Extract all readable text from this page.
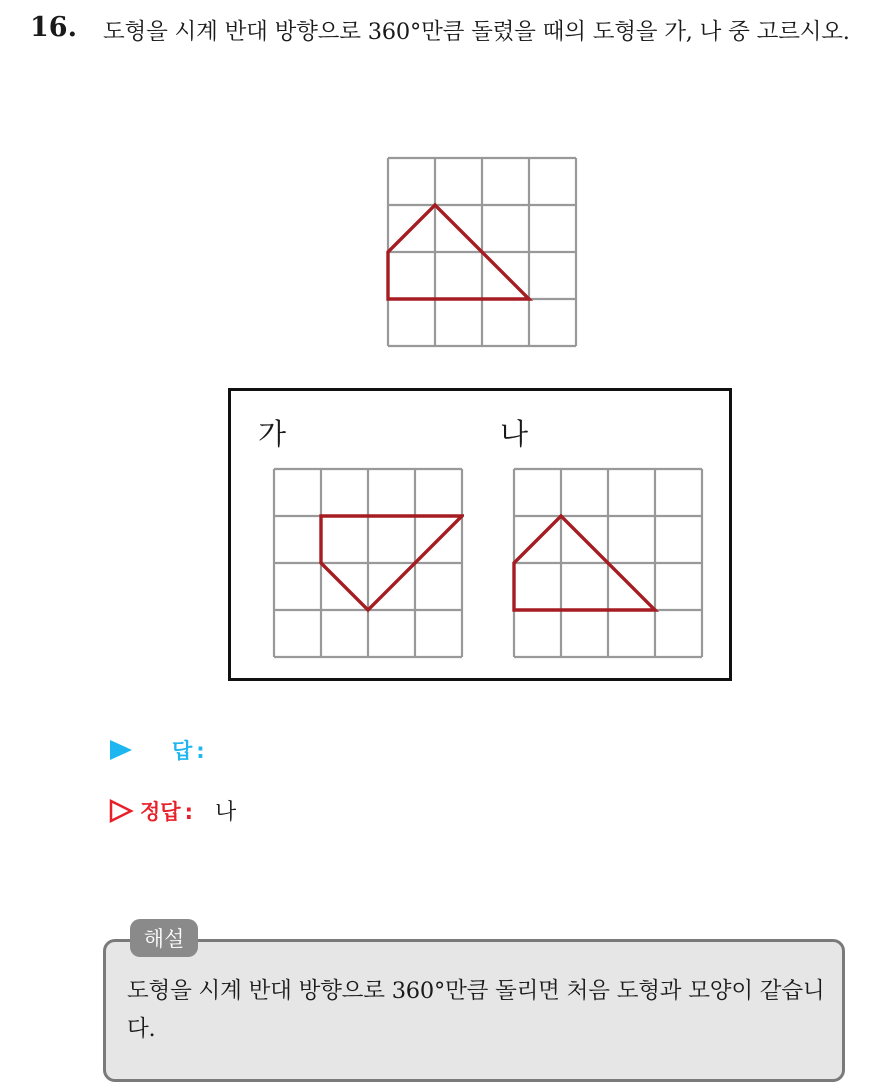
16. 도형을 시계 반대 방향으로 360°만큼 돌렸을 때의 도형을 가, 나 중 고르시오.
가	나
답 :
정답 : 나
해설
도형을 시계 반대 방향으로 360°만큼 돌리면 처음 도형과 모양이 같습니다.
